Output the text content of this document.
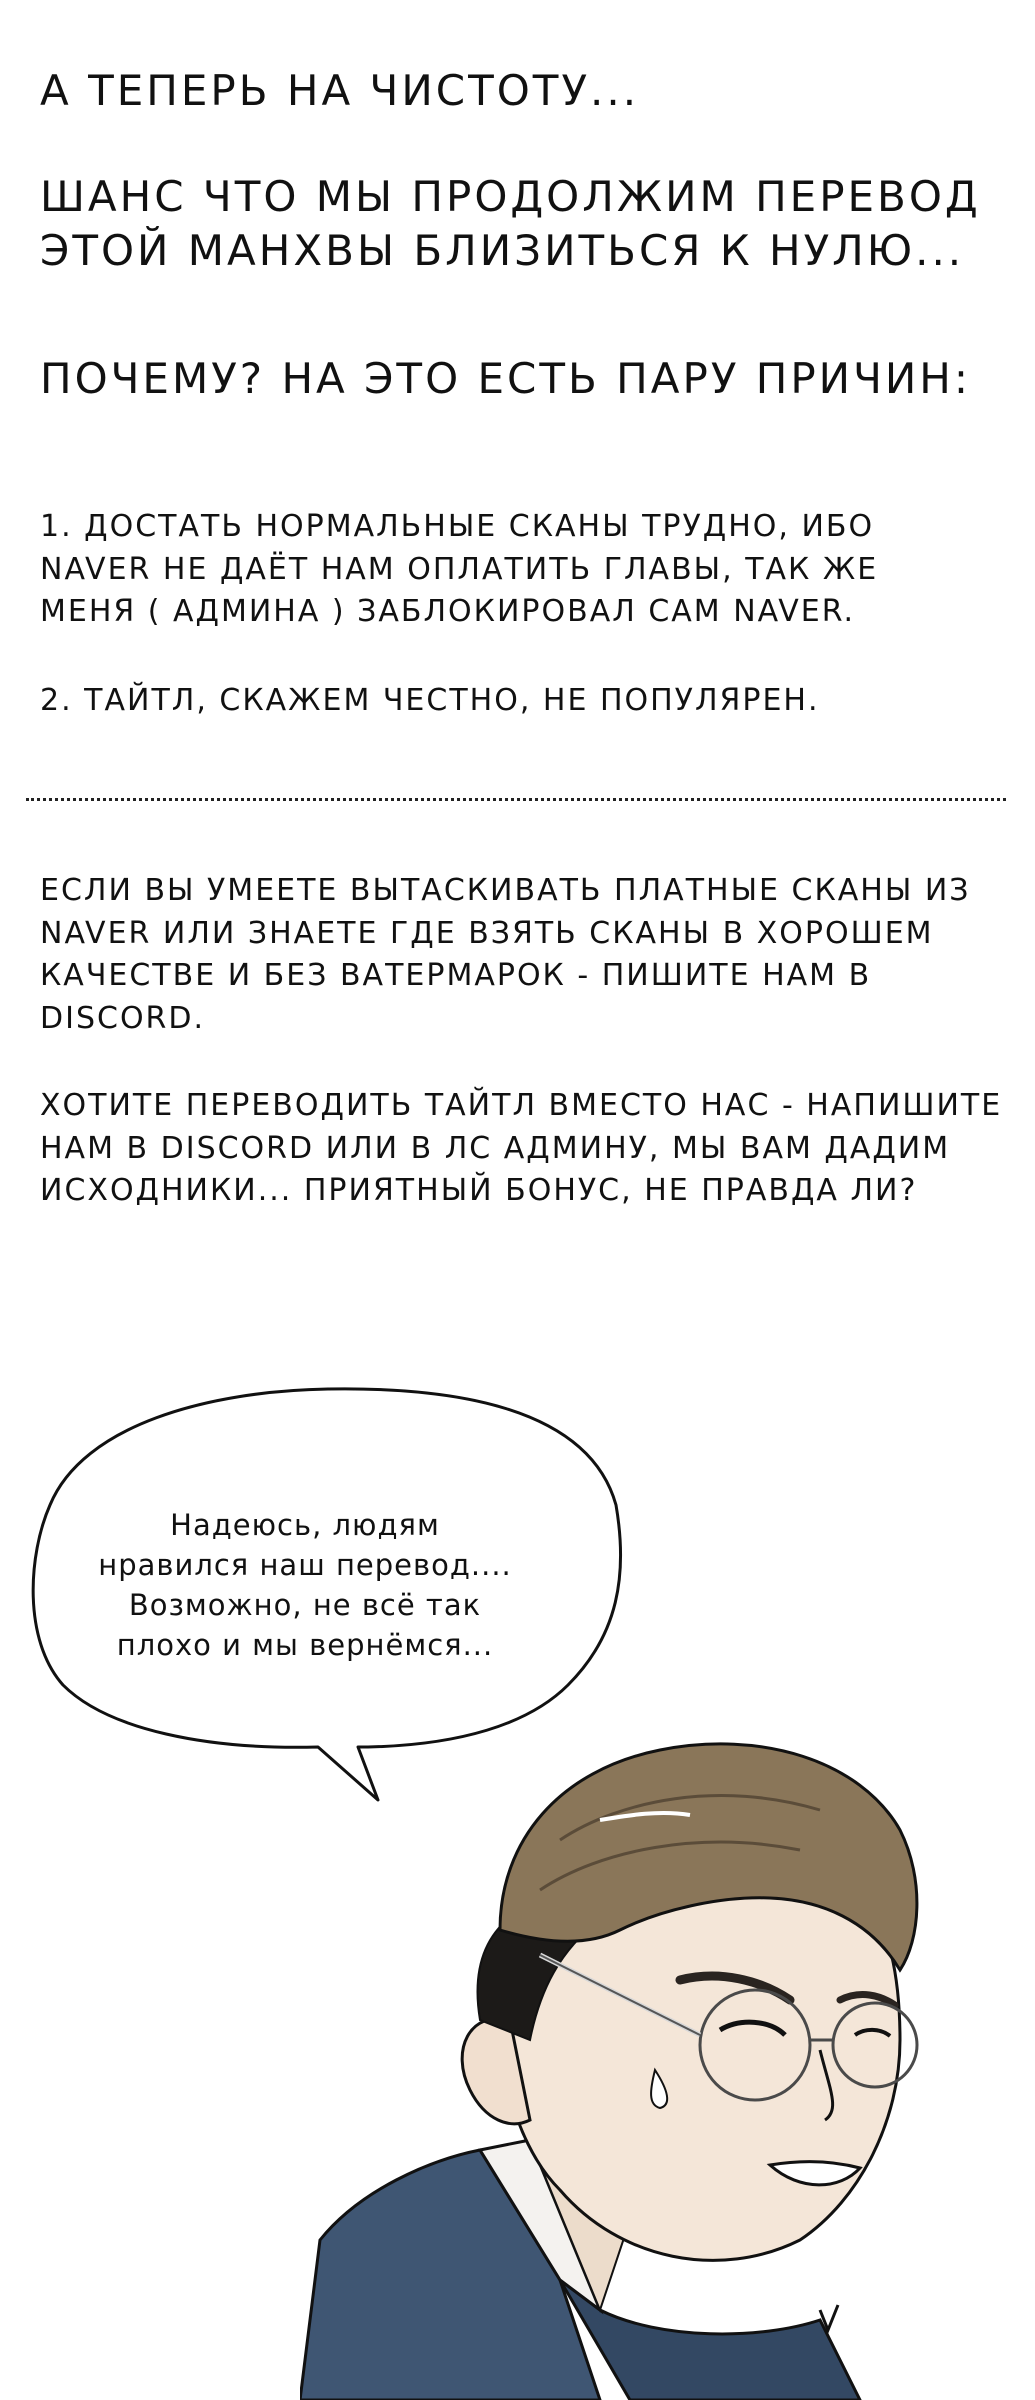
А ТЕПЕРЬ НА ЧИСТОТУ...

ШАНС ЧТО МЫ ПРОДОЛЖИМ ПЕРЕВОД
ЭТОЙ МАНХВЫ БЛИЗИТЬСЯ К НУЛЮ...

ПОЧЕМУ? НА ЭТО ЕСТЬ ПАРУ ПРИЧИН:

1. ДОСТАТЬ НОРМАЛЬНЫЕ СКАНЫ ТРУДНО, ИБО
NAVER НЕ ДАЁТ НАМ ОПЛАТИТЬ ГЛАВЫ, ТАК ЖЕ
МЕНЯ ( АДМИНА ) ЗАБЛОКИРОВАЛ САМ NAVER.

2. ТАЙТЛ, СКАЖЕМ ЧЕСТНО, НЕ ПОПУЛЯРЕН.

ЕСЛИ ВЫ УМЕЕТЕ ВЫТАСКИВАТЬ ПЛАТНЫЕ СКАНЫ ИЗ
NAVER ИЛИ ЗНАЕТЕ ГДЕ ВЗЯТЬ СКАНЫ В ХОРОШЕМ
КАЧЕСТВЕ И БЕЗ ВАТЕРМАРОК - ПИШИТЕ НАМ В
DISCORD.

ХОТИТЕ ПЕРЕВОДИТЬ ТАЙТЛ ВМЕСТО НАС - НАПИШИТЕ
НАМ В DISCORD ИЛИ В ЛС АДМИНУ, МЫ ВАМ ДАДИМ
ИСХОДНИКИ... ПРИЯТНЫЙ БОНУС, НЕ ПРАВДА ЛИ?

Надеюсь, людям
нравился наш перевод....
Возможно, не всё так
плохо и мы вернёмся...
